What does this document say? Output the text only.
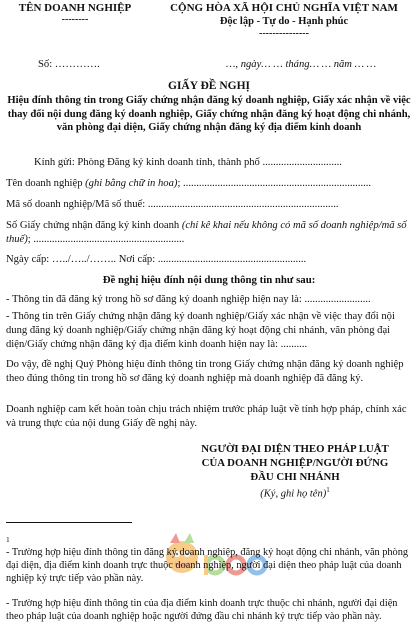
TÊN DOANH NGHIỆP
--------
CỘNG HÒA XÃ HỘI CHỦ NGHĨA VIỆT NAM
Độc lập - Tự do - Hạnh phúc
---------------
Số: ………….	…, ngày… … tháng… … năm … …
GIẤY ĐỀ NGHỊ
Hiệu đính thông tin trong Giấy chứng nhận đăng ký doanh nghiệp, Giấy xác nhận về việc thay đổi nội dung đăng ký doanh nghiệp, Giấy chứng nhận đăng ký hoạt động chi nhánh, văn phòng đại diện, Giấy chứng nhận đăng ký địa điểm kinh doanh
Kính gửi: Phòng Đăng ký kinh doanh tỉnh, thành phố ..............................
Tên doanh nghiệp (ghi bằng chữ in hoa); .......................................................................
Mã số doanh nghiệp/Mã số thuế: ........................................................................
Số Giấy chứng nhận đăng ký kinh doanh (chỉ kê khai nếu không có mã số doanh nghiệp/mã số thuế); .........................................................
Ngày cấp: …../…../…….. Nơi cấp: ........................................................
Đề nghị hiệu đính nội dung thông tin như sau:
- Thông tin đã đăng ký trong hồ sơ đăng ký doanh nghiệp hiện nay là: .........................
- Thông tin trên Giấy chứng nhận đăng ký doanh nghiệp/Giấy xác nhận về việc thay đổi nội dung đăng ký doanh nghiệp/Giấy chứng nhận đăng ký hoạt động chi nhánh, văn phòng đại diện/Giấy chứng nhận đăng ký địa điểm kinh doanh hiện nay là: ..........
Do vậy, đề nghị Quý Phòng hiệu đính thông tin trong Giấy chứng nhận đăng ký doanh nghiệp theo đúng thông tin trong hồ sơ đăng ký doanh nghiệp mà doanh nghiệp đã đăng ký.
Doanh nghiệp cam kết hoàn toàn chịu trách nhiệm trước pháp luật về tính hợp pháp, chính xác và trung thực của nội dung Giấy đề nghị này.
NGƯỜI ĐẠI DIỆN THEO PHÁP LUẬT
CỦA DOANH NGHIỆP/NGƯỜI ĐỨNG
ĐẦU CHI NHÁNH
(Ký, ghi họ tên)$^1$
1
- Trường hợp hiệu đính thông tin đăng ký doanh nghiệp, đăng ký hoạt động chi nhánh, văn phòng đại diện, địa điểm kinh doanh trực thuộc doanh nghiệp, người đại diện theo pháp luật của doanh nghiệp ký trực tiếp vào phần này.
- Trường hợp hiệu đính thông tin của địa điểm kinh doanh trực thuộc chi nhánh, người đại diện theo pháp luật của doanh nghiệp hoặc người đứng đầu chi nhánh ký trực tiếp vào phần này.
